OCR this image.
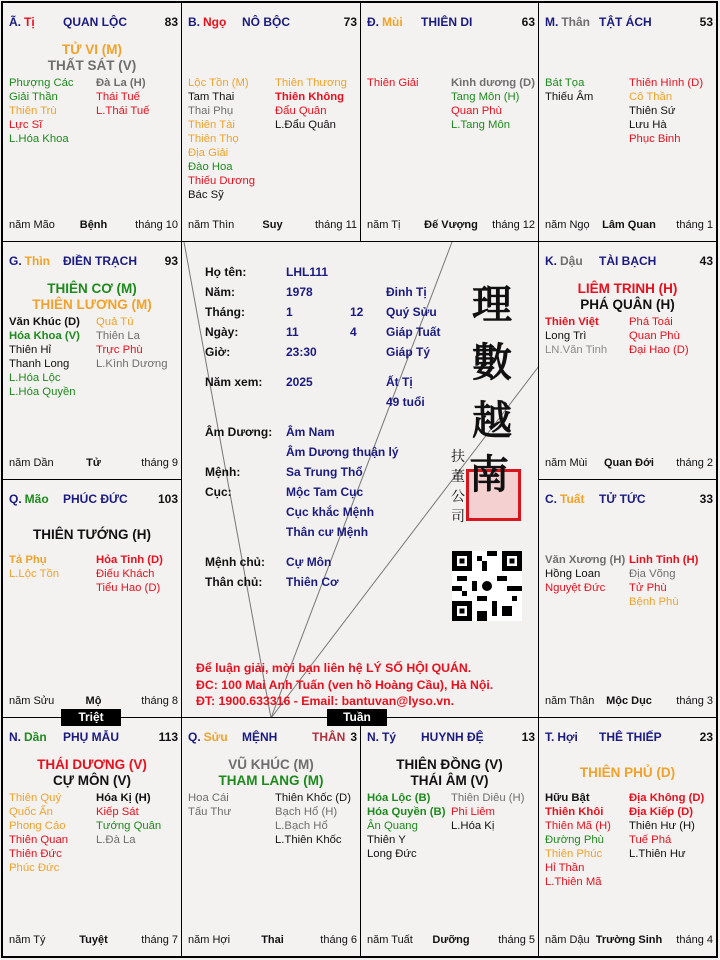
Ã. Tị QUAN LỘC	83
TỬ VI (M)
THẤT SÁT (V)
Phượng Các
Giải Thần
Thiên Trù
Lực Sĩ
L.Hóa Khoa
Đà La (H)
Thái Tuế
L.Thái Tuế
Bệnh
năm Mão	tháng 10
B. Ngọ NÔ BỘC	73
Lộc Tồn (M)
Tam Thai
Thai Phụ
Thiên Tài
Thiên Thọ
Địa Giải
Đào Hoa
Thiếu Dương
Bác Sỹ
Thiên Thương
Thiên Không
Đẩu Quân
L.Đẩu Quân
Suy
năm Thìn	tháng 11
Đ. Mùi THIÊN DI	63
Thiên Giải	Kình dương (D)
Tang Môn (H)
Quan Phù
L.Tang Môn
Đế Vượng
năm Tị	tháng 12
M. Thân TẬT ÁCH	53
Bát Tọa
Thiếu Âm
Thiên Hình (D)
Cô Thần
Thiên Sứ
Lưu Hà
Phục Binh
Lâm Quan
năm Ngọ	tháng 1
G. Thìn ĐIỀN TRẠCH 93
THIÊN CƠ (M)
THIÊN LƯƠNG (M)
Văn Khúc (D)
Hóa Khoa (V)
Thiên Hỉ
Thanh Long
L.Hóa Lộc
L.Hóa Quyền
Quả Tú
Thiên La
Trực Phù
L.Kình Dương
Tử
năm Dần	tháng 9
K. Dậu TÀI BẠCH	43
LIÊM TRINH (H)
PHÁ QUÂN (H)
Thiên Việt
Long Trì
LN.Văn Tinh
Phá Toái
Quan Phù
Đại Hao (D)
Quan Đới
năm Mùi	tháng 2
Q. Mão PHÚC ĐỨC	103
THIÊN TƯỚNG (H)
Tả Phụ
L.Lộc Tồn
Hỏa Tinh (D)
Điếu Khách
Tiểu Hao (D)
Mộ
năm Sửu	tháng 8
C. Tuất TỬ TỨC	33
Văn Xương (H)
Hồng Loan
Nguyệt Đức
Linh Tinh (H)
Địa Võng
Tử Phù
Bệnh Phù
Mộc Dục
năm Thân	tháng 3
N. Dần PHỤ MẪU	113
THÁI DƯƠNG (V)
CỰ MÔN (V)
Thiên Quý
Quốc Ấn
Phong Cáo
Thiên Quan
Thiên Đức
Phúc Đức
Hóa Kị (H)
Kiếp Sát
Tướng Quân
L.Đà La
Tuyệt
năm Tý	tháng 7
Q. Sửu MỆNH	THÂN 3
VŨ KHÚC (M)
THAM LANG (M)
Hoa Cái
Tấu Thư
Thiên Khốc (D)
Bạch Hổ (H)
L.Bạch Hổ
L.Thiên Khốc
Thai
năm Hợi	tháng 6
N. Tý HUYNH ĐỆ	13
THIÊN ĐỒNG (V)
THÁI ÂM (V)
Hóa Lộc (B)
Hóa Quyền (B)
Ân Quang
Thiên Y
Long Đức
Thiên Diêu (H)
Phi Liêm
L.Hóa Kị
Dưỡng
năm Tuất	tháng 5
T. Hợi THÊ THIẾP	23
THIÊN PHỦ (D)
Hữu Bật
Thiên Khôi
Thiên Mã (H)
Đường Phù
Thiên Phúc
Hỉ Thần
L.Thiên Mã
Địa Không (D)
Địa Kiếp (D)
Thiên Hư (H)
Tuế Phá
L.Thiên Hư
Trường Sinh
năm Dậu	tháng 4
Họ tên:	LHL111
Năm:	1978	Đinh Tị
Tháng:	1	12 Quý Sửu
Ngày:	11	4 Giáp Tuất
Giờ:	23:30	Giáp Tý
Năm xem: 2025	Ất Tị
49 tuổi
Âm Dương: Âm Nam
Âm Dương thuận lý
Mệnh:	Sa Trung Thổ
Cục:	Mộc Tam Cục
Cục khắc Mệnh
Thân cư Mệnh
Mệnh chủ: Cự Môn
Thân chủ: Thiên Cơ
理
數
越
南
扶
董
公
司
Để luận giải, mời bạn liên hệ LÝ SỐ HỘI QUÁN.
ĐC: 100 Mai Anh Tuấn (ven hồ Hoàng Cầu), Hà Nội.
ĐT: 1900.633316 - Email: bantuvan@lyso.vn.
Triệt	Tuần
